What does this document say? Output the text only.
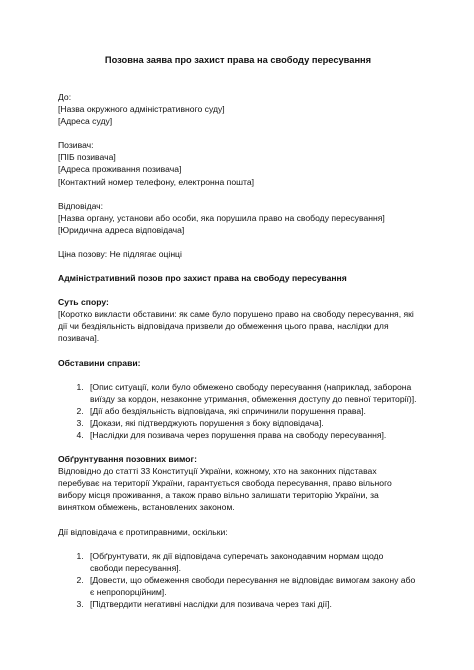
Позовна заява про захист права на свободу пересування
До:
[Назва окружного адміністративного суду]
[Адреса суду]
Позивач:
[ПІБ позивача]
[Адреса проживання позивача]
[Контактний номер телефону, електронна пошта]
Відповідач:
[Назва органу, установи або особи, яка порушила право на свободу пересування]
[Юридична адреса відповідача]
Ціна позову: Не підлягає оцінці
Адміністративний позов про захист права на свободу пересування
Суть спору:
[Коротко викласти обставини: як саме було порушено право на свободу пересування, які дії чи бездіяльність відповідача призвели до обмеження цього права, наслідки для позивача].
Обставини справи:
1. [Опис ситуації, коли було обмежено свободу пересування (наприклад, заборона виїзду за кордон, незаконне утримання, обмеження доступу до певної території)].
2. [Дії або бездіяльність відповідача, які спричинили порушення права].
3. [Докази, які підтверджують порушення з боку відповідача].
4. [Наслідки для позивача через порушення права на свободу пересування].
Обґрунтування позовних вимог:
Відповідно до статті 33 Конституції України, кожному, хто на законних підставах перебуває на території України, гарантується свобода пересування, право вільного вибору місця проживання, а також право вільно залишати територію України, за винятком обмежень, встановлених законом.
Дії відповідача є протиправними, оскільки:
1. [Обґрунтувати, як дії відповідача суперечать законодавчим нормам щодо свободи пересування].
2. [Довести, що обмеження свободи пересування не відповідає вимогам закону або є непропорційним].
3. [Підтвердити негативні наслідки для позивача через такі дії].
